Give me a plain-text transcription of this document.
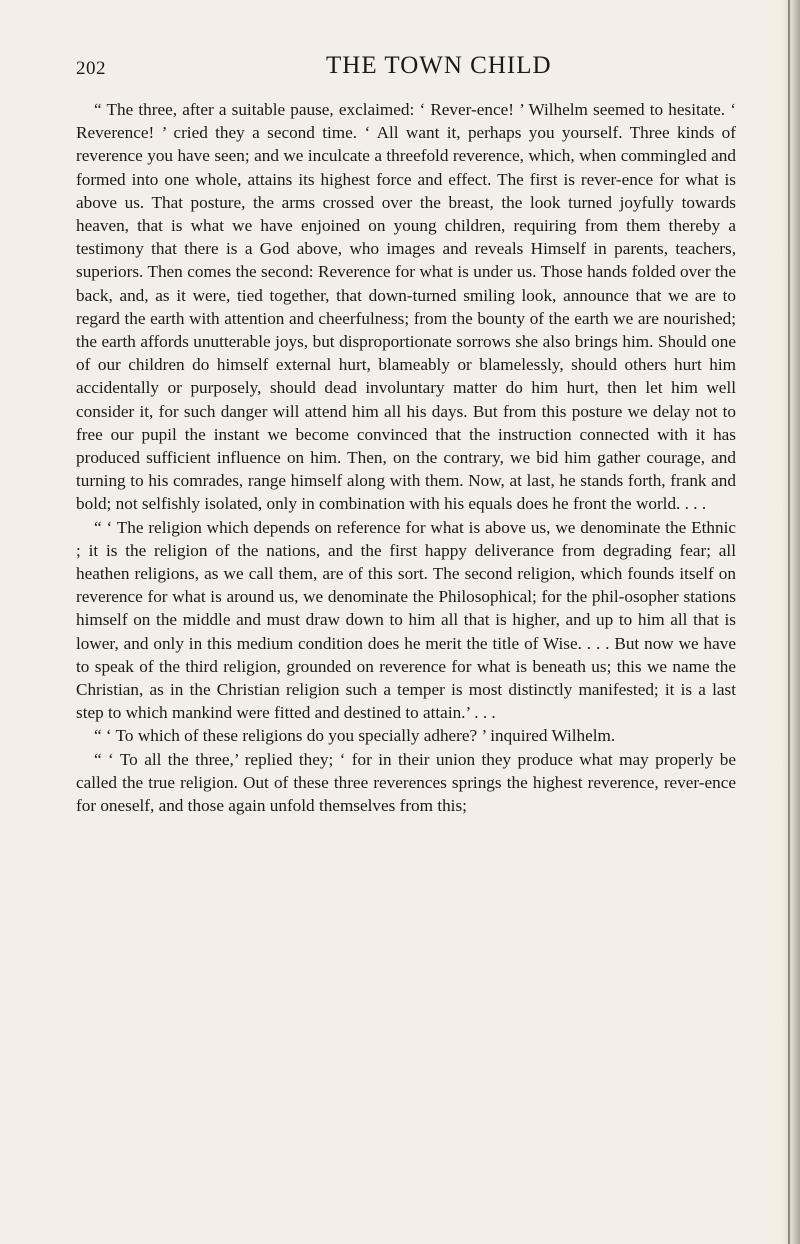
202	THE TOWN CHILD

“ The three, after a suitable pause, exclaimed: ‘ Rever-ence! ’ Wilhelm seemed to hesitate. ‘ Reverence! ’ cried they a second time. ‘ All want it, perhaps you yourself. Three kinds of reverence you have seen; and we inculcate a threefold reverence, which, when commingled and formed into one whole, attains its highest force and effect. The first is rever-ence for what is above us. That posture, the arms crossed over the breast, the look turned joyfully towards heaven, that is what we have enjoined on young children, requiring from them thereby a testimony that there is a God above, who images and reveals Himself in parents, teachers, superiors. Then comes the second: Reverence for what is under us. Those hands folded over the back, and, as it were, tied together, that down-turned smiling look, announce that we are to regard the earth with attention and cheerfulness; from the bounty of the earth we are nourished; the earth affords unutterable joys, but disproportionate sorrows she also brings him. Should one of our children do himself external hurt, blameably or blamelessly, should others hurt him accidentally or purposely, should dead involuntary matter do him hurt, then let him well consider it, for such danger will attend him all his days. But from this posture we delay not to free our pupil the instant we become convinced that the instruction connected with it has produced sufficient influence on him. Then, on the contrary, we bid him gather courage, and turning to his comrades, range himself along with them. Now, at last, he stands forth, frank and bold; not selfishly isolated, only in combination with his equals does he front the world. . . .

“ ‘ The religion which depends on reference for what is above us, we denominate the Ethnic ; it is the religion of the nations, and the first happy deliverance from degrading fear; all heathen religions, as we call them, are of this sort. The second religion, which founds itself on reverence for what is around us, we denominate the Philosophical; for the phil-osopher stations himself on the middle and must draw down to him all that is higher, and up to him all that is lower, and only in this medium condition does he merit the title of Wise. . . . But now we have to speak of the third religion, grounded on reverence for what is beneath us; this we name the Christian, as in the Christian religion such a temper is most distinctly manifested; it is a last step to which mankind were fitted and destined to attain.’ . . .

“ ‘ To which of these religions do you specially adhere? ’ inquired Wilhelm.

“ ‘ To all the three,’ replied they; ‘ for in their union they produce what may properly be called the true religion. Out of these three reverences springs the highest reverence, rever-ence for oneself, and those again unfold themselves from this;
